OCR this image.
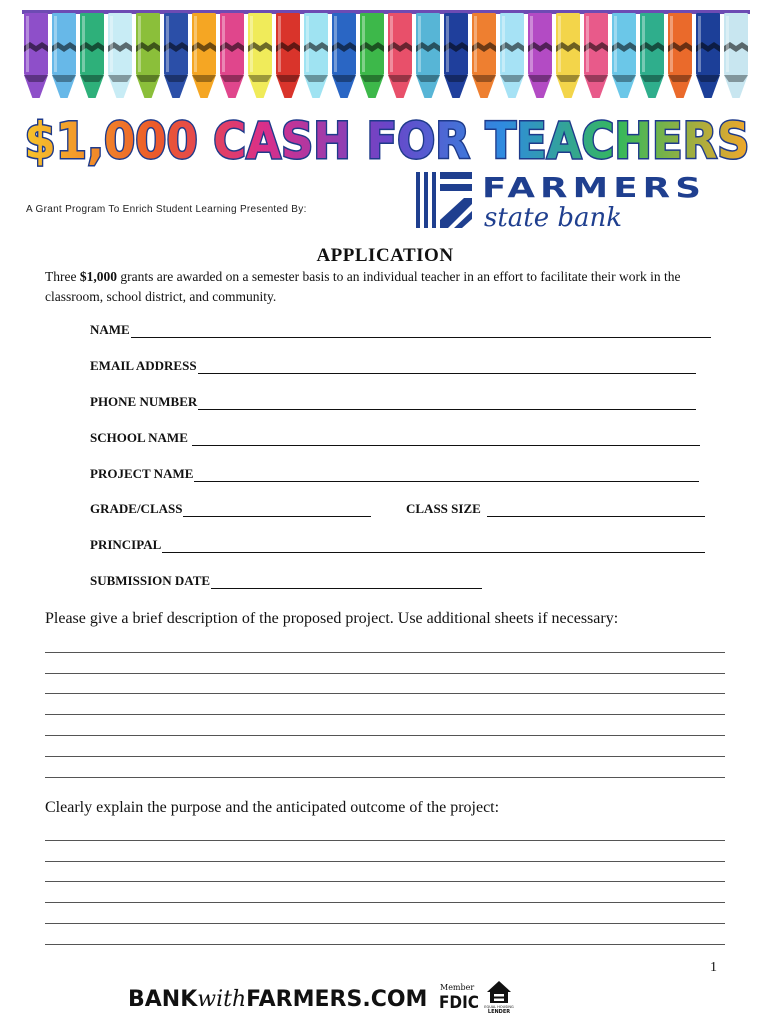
$1,000 CASH FOR TEACHERS
A Grant Program To Enrich Student Learning Presented By:
FARMERS
state bank
APPLICATION
Three $1,000 grants are awarded on a semester basis to an individual teacher in an effort to facilitate their work in the classroom, school district, and community.
NAME
EMAIL ADDRESS
PHONE NUMBER
SCHOOL NAME
PROJECT NAME
GRADE/CLASS	CLASS SIZE
PRINCIPAL
SUBMISSION DATE
Please give a brief description of the proposed project. Use additional sheets if necessary:
Clearly explain the purpose and the anticipated outcome of the project:
1
BANKwithFARMERS.COM Member
FDIC EQUAL HOUSING
LENDER
